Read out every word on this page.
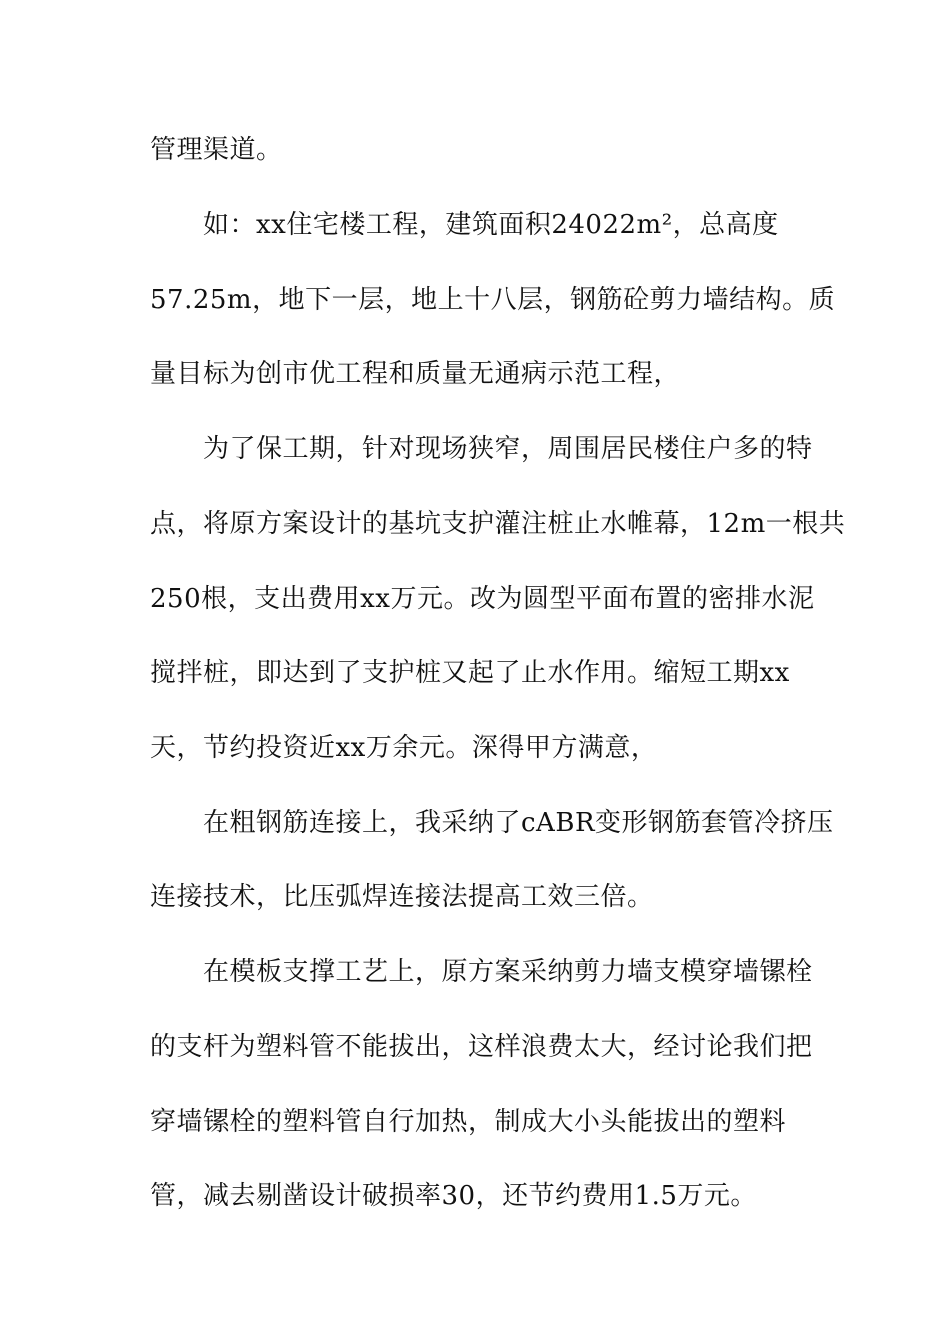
管理渠道。
如：xx住宅楼工程，建筑面积24022m²，总高度
57.25m，地下一层，地上十八层，钢筋砼剪力墙结构。质
量目标为创市优工程和质量无通病示范工程，
为了保工期，针对现场狭窄，周围居民楼住户多的特
点，将原方案设计的基坑支护灌注桩止水帷幕，12m一根共
250根，支出费用xx万元。改为圆型平面布置的密排水泥
搅拌桩，即达到了支护桩又起了止水作用。缩短工期xx
天，节约投资近xx万余元。深得甲方满意，
在粗钢筋连接上，我采纳了cABR变形钢筋套管冷挤压
连接技术，比压弧焊连接法提高工效三倍。
在模板支撑工艺上，原方案采纳剪力墙支模穿墙镙栓
的支杆为塑料管不能拔出，这样浪费太大，经讨论我们把
穿墙镙栓的塑料管自行加热，制成大小头能拔出的塑料
管，减去剔凿设计破损率30，还节约费用1.5万元。
